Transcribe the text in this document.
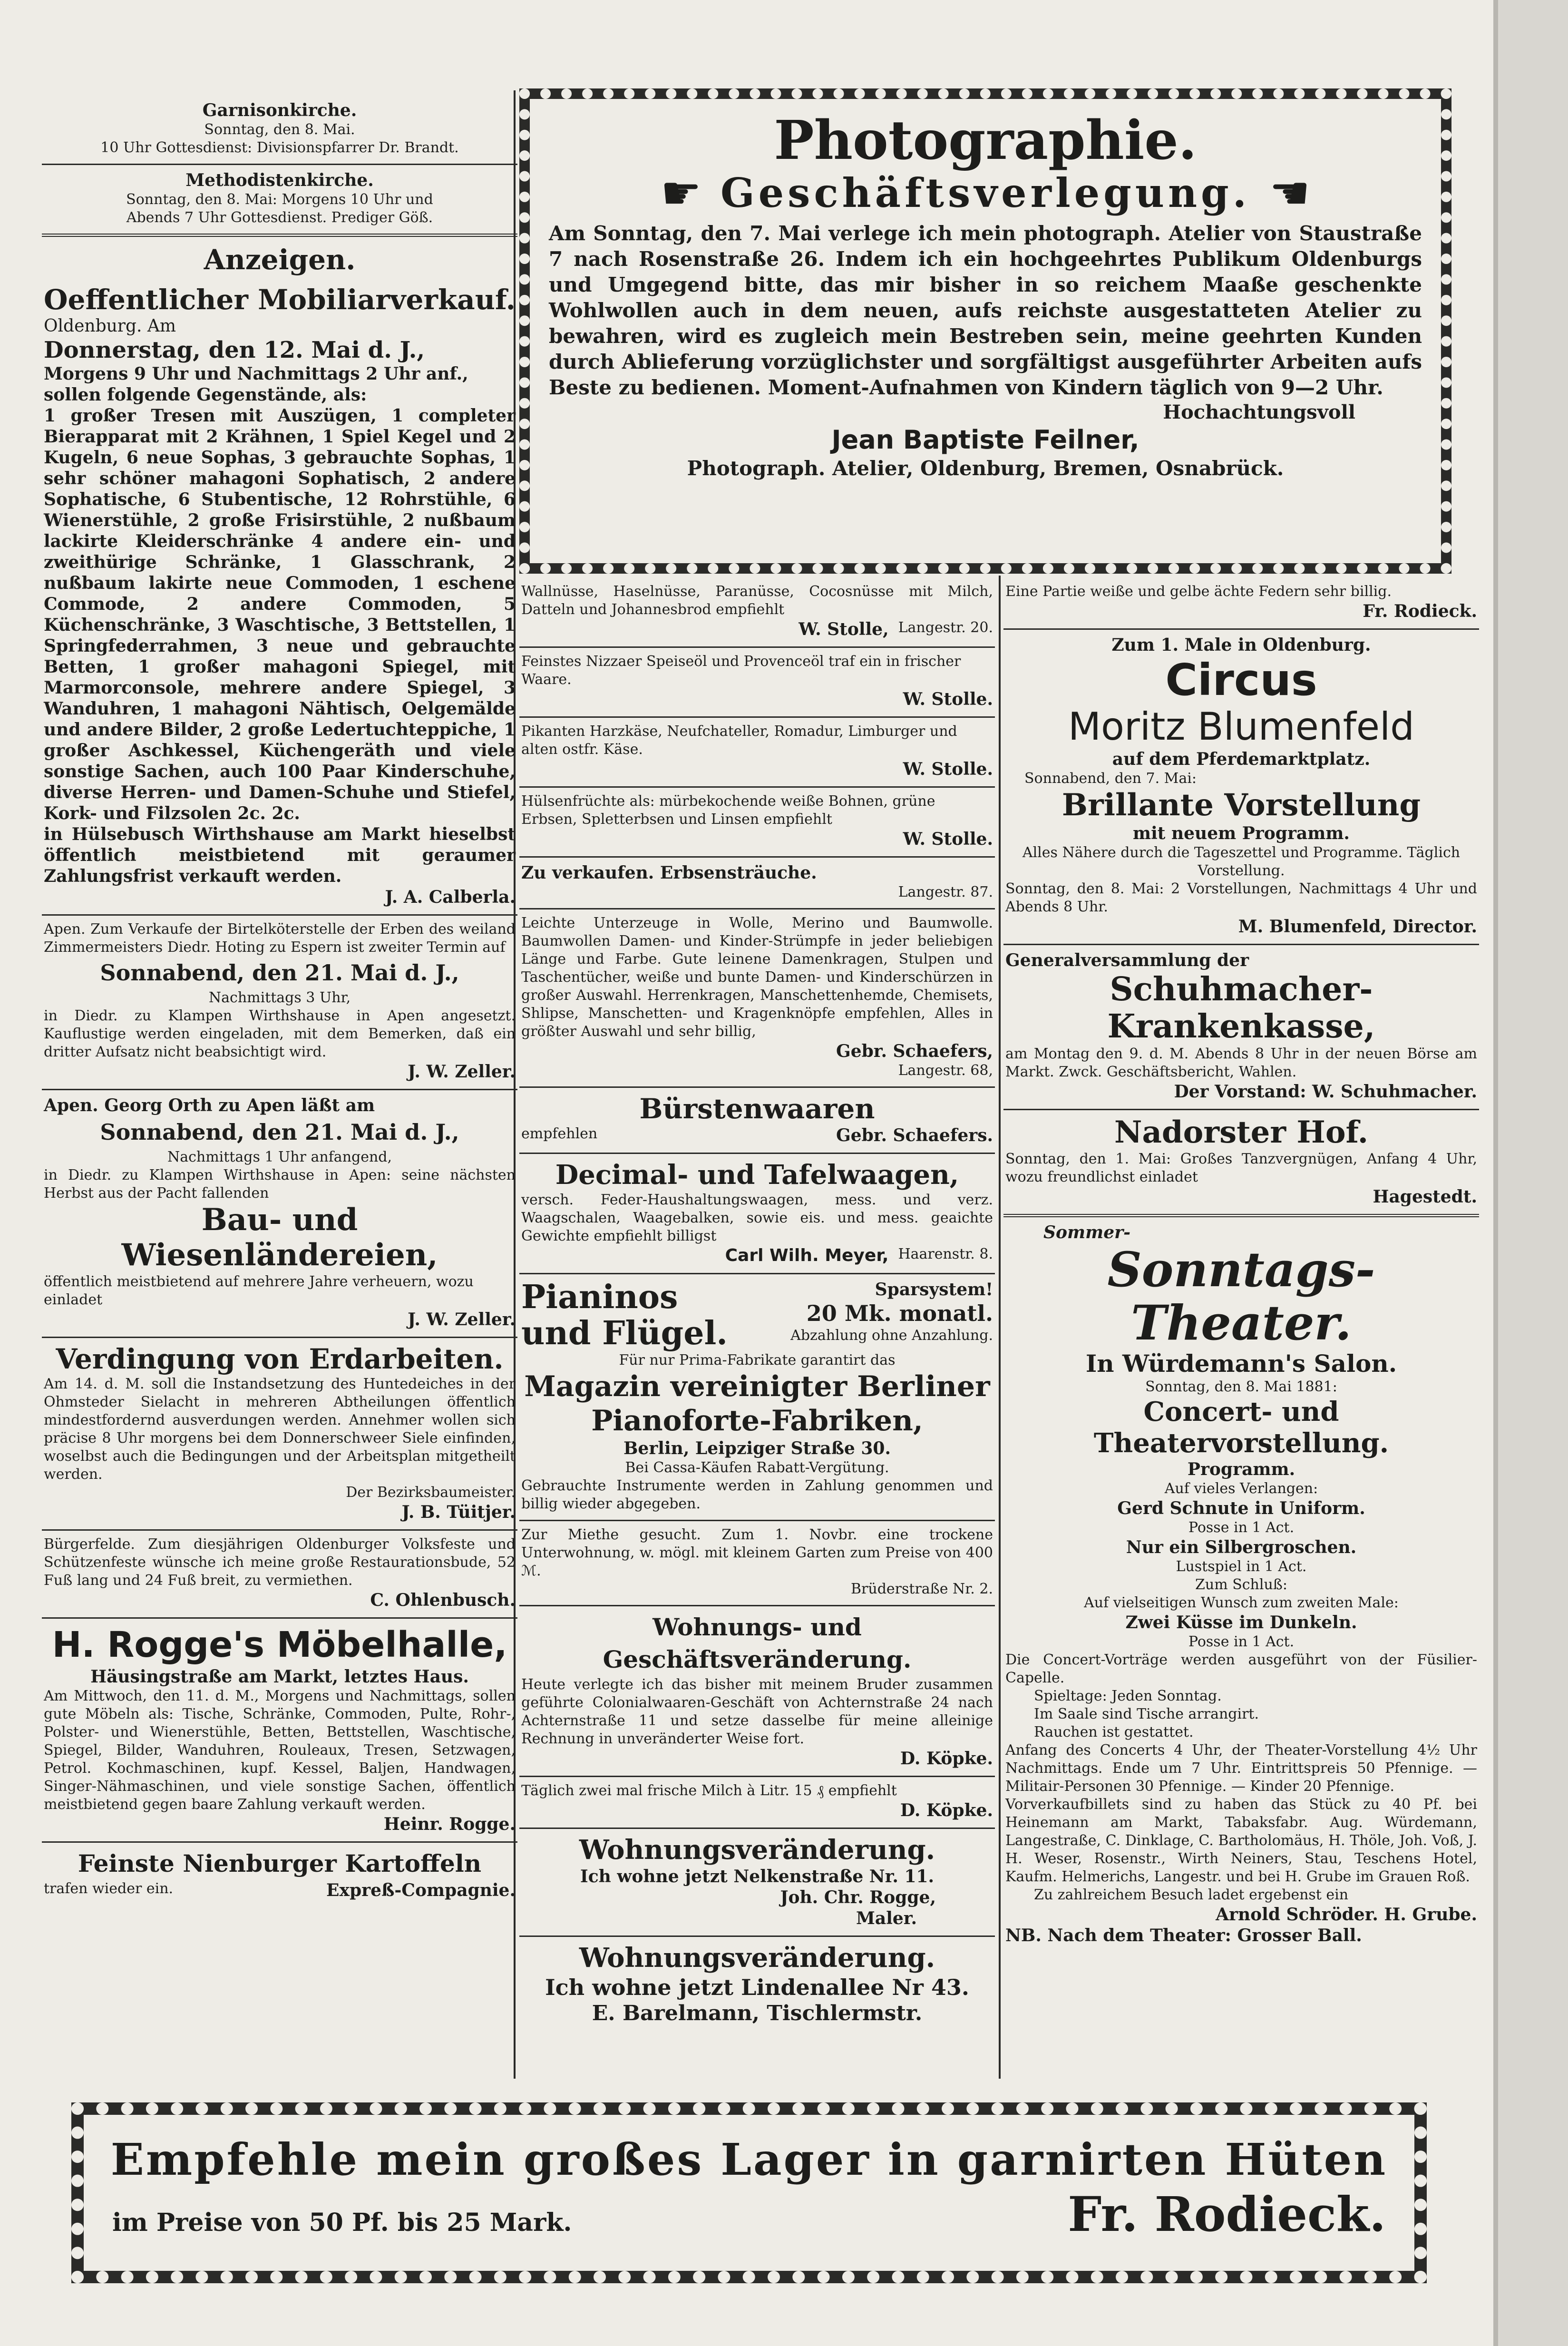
Garnisonkirche.
Sonntag, den 8. Mai.
10 Uhr Gottesdienst: Divisionspfarrer Dr. Brandt.
Methodistenkirche.
Sonntag, den 8. Mai: Morgens 10 Uhr und
Abends 7 Uhr Gottesdienst. Prediger Göß.
Anzeigen.
Oeffentlicher Mobiliarverkauf.
Oldenburg. Am
Donnerstag, den 12. Mai d. J.,
Morgens 9 Uhr und Nachmittags 2 Uhr anf.,
sollen folgende Gegenstände, als:
1 großer Tresen mit Auszügen, 1 completer Bierapparat mit 2 Krähnen, 1 Spiel Kegel und 2 Kugeln, 6 neue Sophas, 3 gebrauchte Sophas, 1 sehr schöner mahagoni Sophatisch, 2 andere Sophatische, 6 Stubentische, 12 Rohrstühle, 6 Wienerstühle, 2 große Frisirstühle, 2 nußbaum lackirte Kleiderschränke 4 andere ein- und zweithürige Schränke, 1 Glasschrank, 2 nußbaum lakirte neue Commoden, 1 eschene Commode, 2 andere Commoden, 5 Küchenschränke, 3 Waschtische, 3 Bettstellen, 1 Springfederrahmen, 3 neue und gebrauchte Betten, 1 großer mahagoni Spiegel, mit Marmorconsole, mehrere andere Spiegel, 3 Wanduhren, 1 mahagoni Nähtisch, Oelgemälde und andere Bilder, 2 große Ledertuchteppiche, 1 großer Aschkessel, Küchengeräth und viele sonstige Sachen, auch 100 Paar Kinderschuhe, diverse Herren- und Damen-Schuhe und Stiefel, Kork- und Filzsolen 2c. 2c.
in Hülsebusch Wirthshause am Markt hieselbst öffentlich meistbietend mit geraumer Zahlungsfrist verkauft werden.
J. A. Calberla.
Apen. Zum Verkaufe der Birtelköterstelle der Erben des weiland Zimmermeisters Diedr. Hoting zu Espern ist zweiter Termin auf
Sonnabend, den 21. Mai d. J.,
Nachmittags 3 Uhr,
in Diedr. zu Klampen Wirthshause in Apen angesetzt. Kauflustige werden eingeladen, mit dem Bemerken, daß ein dritter Aufsatz nicht beabsichtigt wird.
J. W. Zeller.
Apen. Georg Orth zu Apen läßt am
Sonnabend, den 21. Mai d. J.,
Nachmittags 1 Uhr anfangend,
in Diedr. zu Klampen Wirthshause in Apen: seine nächsten Herbst aus der Pacht fallenden
Bau- und Wiesenländereien,
öffentlich meistbietend auf mehrere Jahre verheuern, wozu einladet
J. W. Zeller.
Verdingung von Erdarbeiten.
Am 14. d. M. soll die Instandsetzung des Huntedeiches in der Ohmsteder Sielacht in mehreren Abtheilungen öffentlich mindestfordernd ausverdungen werden. Annehmer wollen sich präcise 8 Uhr morgens bei dem Donnerschweer Siele einfinden, woselbst auch die Bedingungen und der Arbeitsplan mitgetheilt werden.
Der Bezirksbaumeister.
J. B. Tüitjer.
Bürgerfelde. Zum diesjährigen Oldenburger Volksfeste und Schützenfeste wünsche ich meine große Restaurationsbude, 52 Fuß lang und 24 Fuß breit, zu vermiethen.
C. Ohlenbusch.
H. Rogge's Möbelhalle,
Häusingstraße am Markt, letztes Haus.
Am Mittwoch, den 11. d. M., Morgens und Nachmittags, sollen gute Möbeln als: Tische, Schränke, Commoden, Pulte, Rohr-, Polster- und Wienerstühle, Betten, Bettstellen, Waschtische, Spiegel, Bilder, Wanduhren, Rouleaux, Tresen, Setzwagen, Petrol. Kochmaschinen, kupf. Kessel, Baljen, Handwagen, Singer-Nähmaschinen, und viele sonstige Sachen, öffentlich meistbietend gegen baare Zahlung verkauft werden.
Heinr. Rogge.
Feinste Nienburger Kartoffeln
trafen wieder ein.	Expreß-Compagnie.
Photographie.
☛ Geschäftsverlegung. ☚
Am Sonntag, den 7. Mai verlege ich mein photograph. Atelier von Staustraße 7 nach Rosenstraße 26. Indem ich ein hochgeehrtes Publikum Oldenburgs und Umgegend bitte, das mir bisher in so reichem Maaße geschenkte Wohlwollen auch in dem neuen, aufs reichste ausgestatteten Atelier zu bewahren, wird es zugleich mein Bestreben sein, meine geehrten Kunden durch Ablieferung vorzüglichster und sorgfältigst ausgeführter Arbeiten aufs Beste zu bedienen. Moment-Aufnahmen von Kindern täglich von 9—2 Uhr.
Hochachtungsvoll
Jean Baptiste Feilner,
Photograph. Atelier, Oldenburg, Bremen, Osnabrück.
Wallnüsse, Haselnüsse, Paranüsse, Cocosnüsse mit Milch, Datteln und Johannesbrod empfiehlt
W. Stolle, Langestr. 20.
Feinstes Nizzaer Speiseöl und Provenceöl traf ein in frischer Waare.
W. Stolle.
Pikanten Harzkäse, Neufchateller, Romadur, Limburger und alten ostfr. Käse.
W. Stolle.
Hülsenfrüchte als: mürbekochende weiße Bohnen, grüne Erbsen, Spletterbsen und Linsen empfiehlt
W. Stolle.
Zu verkaufen. Erbsensträuche.
Langestr. 87.
Leichte Unterzeuge in Wolle, Merino und Baumwolle. Baumwollen Damen- und Kinder-Strümpfe in jeder beliebigen Länge und Farbe. Gute leinene Damenkragen, Stulpen und Taschentücher, weiße und bunte Damen- und Kinderschürzen in großer Auswahl. Herrenkragen, Manschettenhemde, Chemisets, Shlipse, Manschetten- und Kragenknöpfe empfehlen, Alles in größter Auswahl und sehr billig,
Gebr. Schaefers,
Langestr. 68,
Bürstenwaaren
empfehlen	Gebr. Schaefers.
Decimal- und Tafelwaagen,
versch. Feder-Haushaltungswaagen, mess. und verz. Waagschalen, Waagebalken, sowie eis. und mess. geaichte Gewichte empfiehlt billigst
Carl Wilh. Meyer, Haarenstr. 8.
Pianinos
und Flügel.
Sparsystem!
20 Mk. monatl.
Abzahlung ohne Anzahlung.
Für nur Prima-Fabrikate garantirt das
Magazin vereinigter Berliner Pianoforte-Fabriken,
Berlin, Leipziger Straße 30.
Bei Cassa-Käufen Rabatt-Vergütung.
Gebrauchte Instrumente werden in Zahlung genommen und billig wieder abgegeben.
Zur Miethe gesucht. Zum 1. Novbr. eine trockene Unterwohnung, w. mögl. mit kleinem Garten zum Preise von 400 ℳ.
Brüderstraße Nr. 2.
Wohnungs- und Geschäftsveränderung.
Heute verlegte ich das bisher mit meinem Bruder zusammen geführte Colonialwaaren-Geschäft von Achternstraße 24 nach Achternstraße 11 und setze dasselbe für meine alleinige Rechnung in unveränderter Weise fort.
D. Köpke.
Täglich zwei mal frische Milch à Litr. 15 ₰ empfiehlt
D. Köpke.
Wohnungsveränderung.
Ich wohne jetzt Nelkenstraße Nr. 11.
Joh. Chr. Rogge,
Maler.
Wohnungsveränderung.
Ich wohne jetzt Lindenallee Nr 43.
E. Barelmann, Tischlermstr.
Eine Partie weiße und gelbe ächte Federn sehr billig.
Fr. Rodieck.
Zum 1. Male in Oldenburg.
Circus
Moritz Blumenfeld
auf dem Pferdemarktplatz.
Sonnabend, den 7. Mai:
Brillante Vorstellung
mit neuem Programm.
Alles Nähere durch die Tageszettel und Programme. Täglich Vorstellung.
Sonntag, den 8. Mai: 2 Vorstellungen, Nachmittags 4 Uhr und Abends 8 Uhr.
M. Blumenfeld, Director.
Generalversammlung der
Schuhmacher-Krankenkasse,
am Montag den 9. d. M. Abends 8 Uhr in der neuen Börse am Markt. Zwck. Geschäftsbericht, Wahlen.
Der Vorstand: W. Schuhmacher.
Nadorster Hof.
Sonntag, den 1. Mai: Großes Tanzvergnügen, Anfang 4 Uhr, wozu freundlichst einladet
Hagestedt.
Sommer-
Sonntags-Theater.
In Würdemann's Salon.
Sonntag, den 8. Mai 1881:
Concert- und Theatervorstellung.
Programm.
Auf vieles Verlangen:
Gerd Schnute in Uniform.
Posse in 1 Act.
Nur ein Silbergroschen.
Lustspiel in 1 Act.
Zum Schluß:
Auf vielseitigen Wunsch zum zweiten Male:
Zwei Küsse im Dunkeln.
Posse in 1 Act.
Die Concert-Vorträge werden ausgeführt von der Füsilier-Capelle.
Spieltage: Jeden Sonntag.
Im Saale sind Tische arrangirt.
Rauchen ist gestattet.
Anfang des Concerts 4 Uhr, der Theater-Vorstellung 4½ Uhr Nachmittags. Ende um 7 Uhr. Eintrittspreis 50 Pfennige. — Militair-Personen 30 Pfennige. — Kinder 20 Pfennige.
Vorverkaufbillets sind zu haben das Stück zu 40 Pf. bei Heinemann am Markt, Tabaksfabr. Aug. Würdemann, Langestraße, C. Dinklage, C. Bartholomäus, H. Thöle, Joh. Voß, J. H. Weser, Rosenstr., Wirth Neiners, Stau, Teschens Hotel, Kaufm. Helmerichs, Langestr. und bei H. Grube im Grauen Roß.
Zu zahlreichem Besuch ladet ergebenst ein
Arnold Schröder. H. Grube.
NB. Nach dem Theater: Grosser Ball.
Empfehle mein großes Lager in garnirten Hüten
im Preise von 50 Pf. bis 25 Mark.	Fr. Rodieck.
